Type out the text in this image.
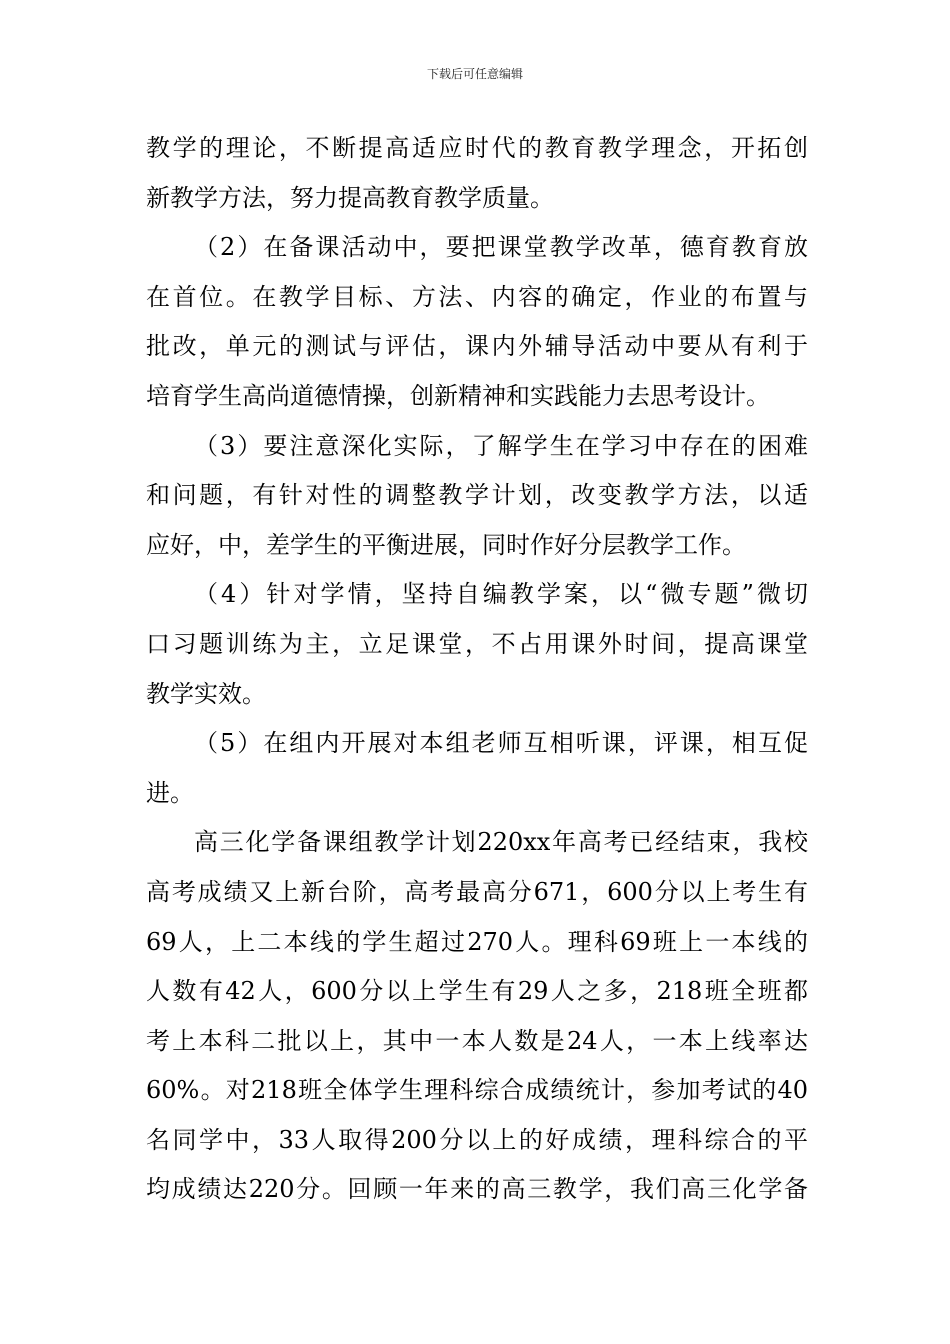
下载后可任意编辑
教学的理论，不断提高适应时代的教育教学理念，开拓创
新教学方法，努力提高教育教学质量。
（2）在备课活动中，要把课堂教学改革，德育教育放
在首位。在教学目标、方法、内容的确定，作业的布置与
批改，单元的测试与评估，课内外辅导活动中要从有利于
培育学生高尚道德情操，创新精神和实践能力去思考设计。
（3）要注意深化实际，了解学生在学习中存在的困难
和问题，有针对性的调整教学计划，改变教学方法，以适
应好，中，差学生的平衡进展，同时作好分层教学工作。
（4）针对学情，坚持自编教学案，以“微专题”微切
口习题训练为主，立足课堂，不占用课外时间，提高课堂
教学实效。
（5）在组内开展对本组老师互相听课，评课，相互促
进。
高三化学备课组教学计划220xx年高考已经结束，我校
高考成绩又上新台阶，高考最高分671，600分以上考生有
69人，上二本线的学生超过270人。理科69班上一本线的
人数有42人，600分以上学生有29人之多，218班全班都
考上本科二批以上，其中一本人数是24人，一本上线率达
60%。对218班全体学生理科综合成绩统计，参加考试的40
名同学中，33人取得200分以上的好成绩，理科综合的平
均成绩达220分。回顾一年来的高三教学，我们高三化学备
